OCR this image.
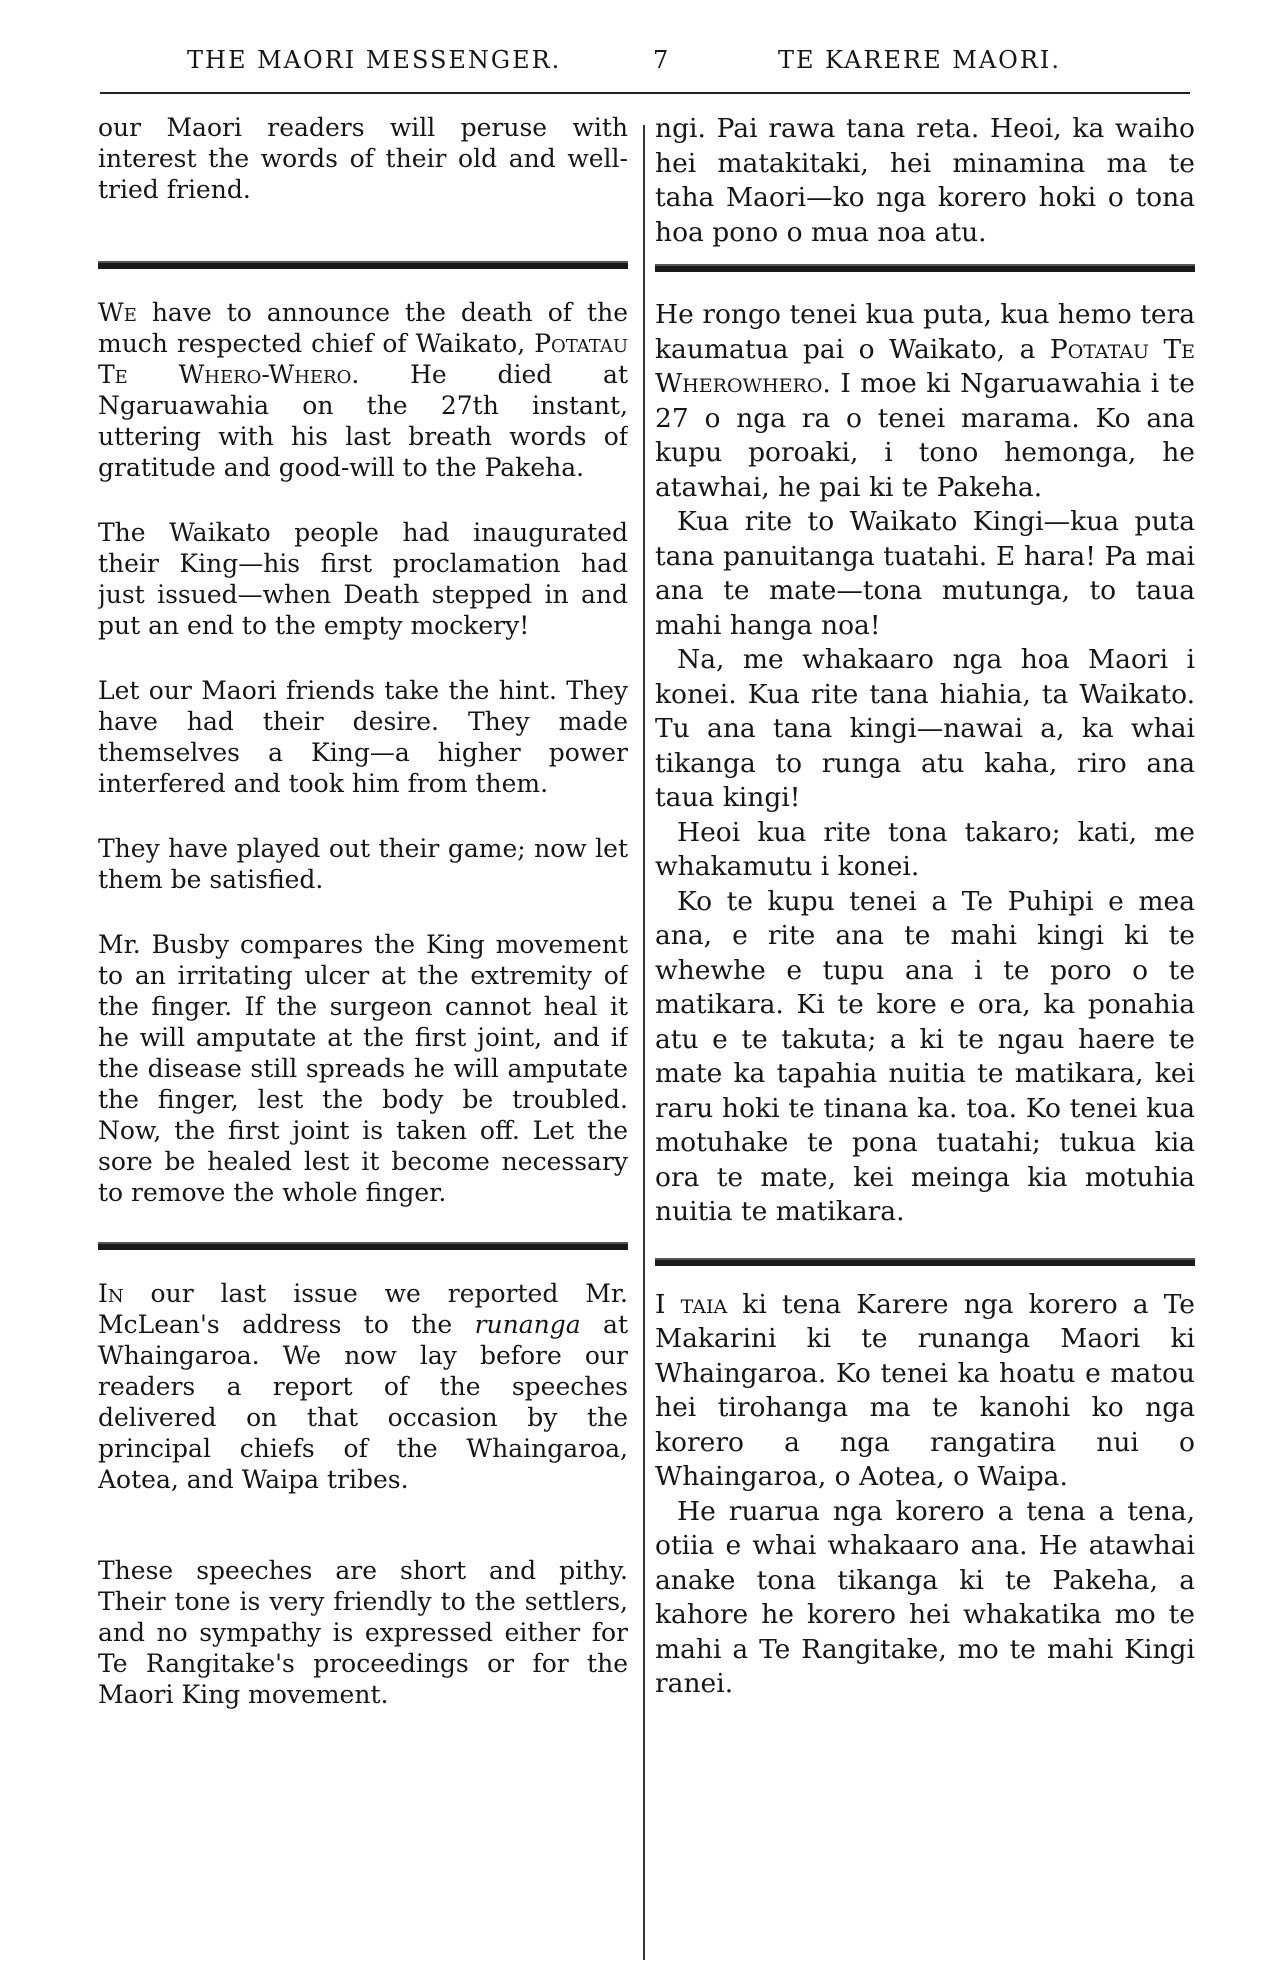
THE MAORI MESSENGER.	7	TE KARERE MAORI.

our Maori readers will peruse with interest the words of their old and well-tried friend.

We have to announce the death of the much respected chief of Waikato, Potatau Te Whero-Whero. He died at Ngaruawahia on the 27th instant, uttering with his last breath words of gratitude and good-will to the Pakeha.

The Waikato people had inaugurated their King—his first proclamation had just issued—when Death stepped in and put an end to the empty mockery!

Let our Maori friends take the hint. They have had their desire. They made themselves a King—a higher power interfered and took him from them.

They have played out their game; now let them be satisfied.

Mr. Busby compares the King movement to an irritating ulcer at the extremity of the finger. If the surgeon cannot heal it he will amputate at the first joint, and if the disease still spreads he will amputate the finger, lest the body be troubled. Now, the first joint is taken off. Let the sore be healed lest it become necessary to remove the whole finger.

In our last issue we reported Mr. McLean's address to the runanga at Whaingaroa. We now lay before our readers a report of the speeches delivered on that occasion by the principal chiefs of the Whaingaroa, Aotea, and Waipa tribes.

These speeches are short and pithy. Their tone is very friendly to the settlers, and no sympathy is expressed either for Te Rangitake's proceedings or for the Maori King movement.

ngi. Pai rawa tana reta. Heoi, ka waiho hei matakitaki, hei minamina ma te taha Maori—ko nga korero hoki o tona hoa pono o mua noa atu.

He rongo tenei kua puta, kua hemo tera kaumatua pai o Waikato, a Potatau Te Wherowhero. I moe ki Ngaruawahia i te 27 o nga ra o tenei marama. Ko ana kupu poroaki, i tono hemonga, he atawhai, he pai ki te Pakeha.

Kua rite to Waikato Kingi—kua puta tana panuitanga tuatahi. E hara! Pa mai ana te mate—tona mutunga, to taua mahi hanga noa!

Na, me whakaaro nga hoa Maori i konei. Kua rite tana hiahia, ta Waikato. Tu ana tana kingi—nawai a, ka whai tikanga to runga atu kaha, riro ana taua kingi!

Heoi kua rite tona takaro; kati, me whakamutu i konei.

Ko te kupu tenei a Te Puhipi e mea ana, e rite ana te mahi kingi ki te whewhe e tupu ana i te poro o te matikara. Ki te kore e ora, ka ponahia atu e te takuta; a ki te ngau haere te mate ka tapahia nuitia te matikara, kei raru hoki te tinana ka. toa. Ko tenei kua motuhake te pona tuatahi; tukua kia ora te mate, kei meinga kia motuhia nuitia te matikara.

I taia ki tena Karere nga korero a Te Makarini ki te runanga Maori ki Whaingaroa. Ko tenei ka hoatu e matou hei tirohanga ma te kanohi ko nga korero a nga rangatira nui o Whaingaroa, o Aotea, o Waipa.

He ruarua nga korero a tena a tena, otiia e whai whakaaro ana. He atawhai anake tona tikanga ki te Pakeha, a kahore he korero hei whakatika mo te mahi a Te Rangitake, mo te mahi Kingi ranei.
